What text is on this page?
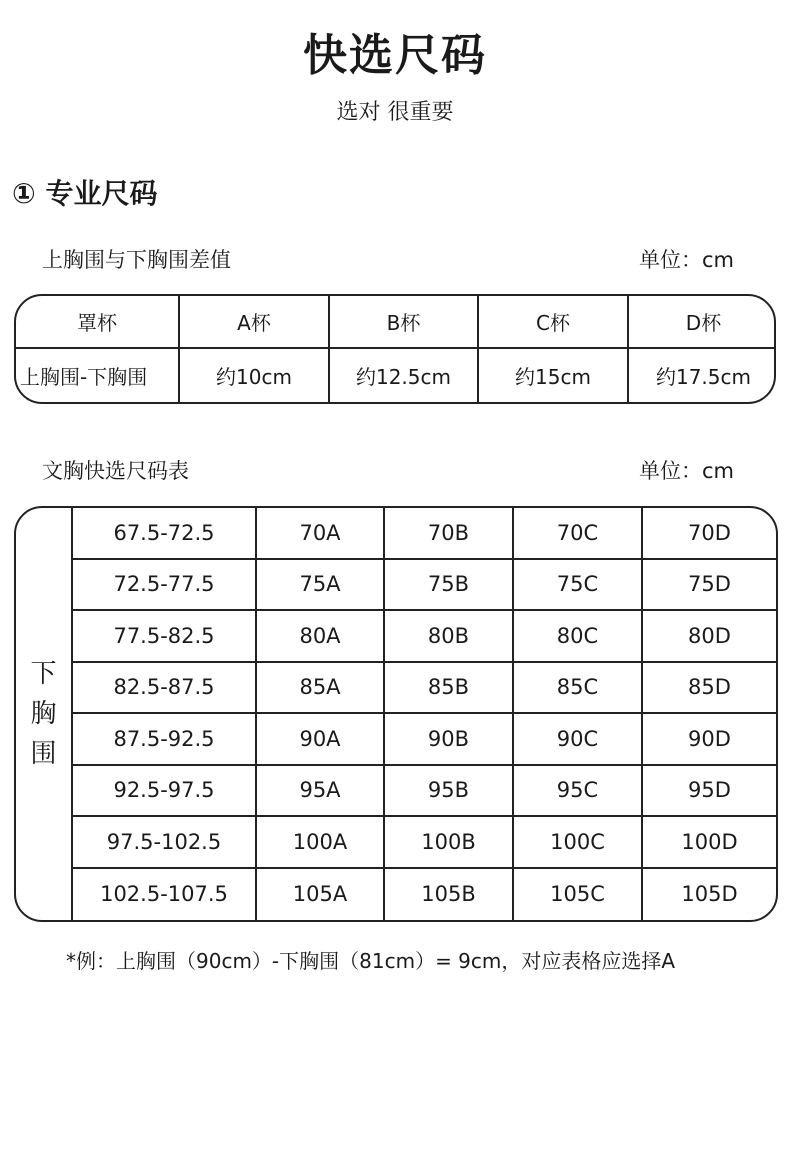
快选尺码
选对 很重要
① 专业尺码
上胸围与下胸围差值	单位：cm
罩杯	A杯	B杯	C杯	D杯
上胸围-下胸围	约10cm	约12.5cm	约15cm	约17.5cm
文胸快选尺码表	单位：cm
下
胸
围
67.5-72.5	70A	70B	70C	70D
72.5-77.5	75A	75B	75C	75D
77.5-82.5	80A	80B	80C	80D
82.5-87.5	85A	85B	85C	85D
87.5-92.5	90A	90B	90C	90D
92.5-97.5	95A	95B	95C	95D
97.5-102.5	100A	100B	100C	100D
102.5-107.5	105A	105B	105C	105D
*例：上胸围（90cm）-下胸围（81cm）= 9cm，对应表格应选择A
